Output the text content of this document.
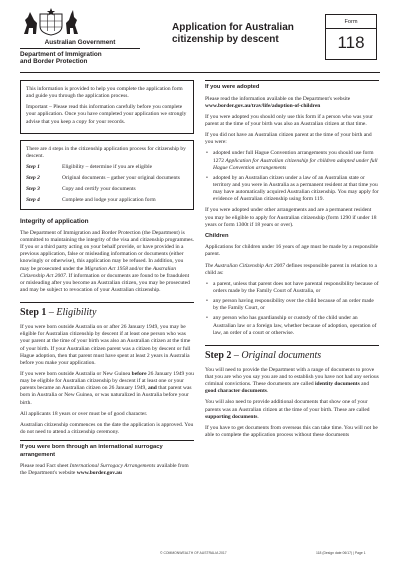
Australian Government
Department of Immigration
and Border Protection
Application for Australian
citizenship by descent
Form
118

This information is provided to help you complete the application form and guide you through the application process.

Important – Please read this information carefully before you complete your application. Once you have completed your application we strongly advise that you keep a copy for your records.

There are 4 steps in the citizenship application process for citizenship by descent.

Step 1	Eligibility – determine if you are eligible
Step 2	Original documents – gather your original documents
Step 3	Copy and certify your documents
Step 4	Complete and lodge your application form
Integrity of application

The Department of Immigration and Border Protection (the Department) is committed to maintaining the integrity of the visa and citizenship programmes. If you or a third party acting on your behalf provide, or have provided in a previous application, false or misleading information or documents (either knowingly or otherwise), this application may be refused. In addition, you may be prosecuted under the Migration Act 1958 and/or the Australian Citizenship Act 2007. If information or documents are found to be fraudulent or misleading after you become an Australian citizen, you may be prosecuted and may be subject to revocation of your Australian citizenship.

Step 1 – Eligibility

If you were born outside Australia on or after 26 January 1949, you may be eligible for Australian citizenship by descent if at least one person who was your parent at the time of your birth was also an Australian citizen at the time of your birth. If your Australian citizen parent was a citizen by descent or full Hague adoption, then that parent must have spent at least 2 years in Australia before you make your application.

If you were born outside Australia or New Guinea before 26 January 1949 you may be eligible for Australian citizenship by descent if at least one or your parents became an Australian citizen on 26 January 1949, and that parent was born in Australia or New Guinea, or was naturalized in Australia before your birth.

All applicants 18 years or over must be of good character.

Australian citizenship commences on the date the application is approved. You do not need to attend a citizenship ceremony.

If you were born through an international surrogacy arrangement

Please read Fact sheet International Surrogacy Arrangements available from the Department's website www.border.gov.au

If you were adopted

Please read the information available on the Department's website www.border.gov.au/trav/life/adoption-of-children

If you were adopted you should only use this form if a person who was your parent at the time of your birth was also an Australian citizen at that time.

If you did not have an Australian citizen parent at the time of your birth and you were:

• adopted under full Hague Convention arrangements you should use form 1272 Application for Australian citizenship for children adopted under full Hague Convention arrangements
• adopted by an Australian citizen under a law of an Australian state or territory and you were in Australia as a permanent resident at that time you may have automatically acquired Australian citizenship. You may apply for evidence of Australian citizenship using form 119.

If you were adopted under other arrangements and are a permanent resident you may be eligible to apply for Australian citizenship (form 1290 if under 18 years or form 1300t if 18 years or over).

Children

Applications for children under 16 years of age must be made by a responsible parent.

The Australian Citizenship Act 2007 defines responsible parent in relation to a child as:

• a parent, unless that parent does not have parental responsibility because of orders made by the Family Court of Australia, or
• any person having responsibility over the child because of an order made by the Family Court, or
• any person who has guardianship or custody of the child under an Australian law or a foreign law, whether because of adoption, operation of law, an order of a court or otherwise.
Step 2 – Original documents

You will need to provide the Department with a range of documents to prove that you are who you say you are and to establish you have not had any serious criminal convictions. These documents are called identity documents and good character documents.

You will also need to provide additional documents that show one of your parents was an Australian citizen at the time of your birth. These are called supporting documents.

If you have to get documents from overseas this can take time. You will not be able to complete the application process without these documents

© COMMONWEALTH OF AUSTRALIA 2017	118 (Design date 06/17) | Page 1
